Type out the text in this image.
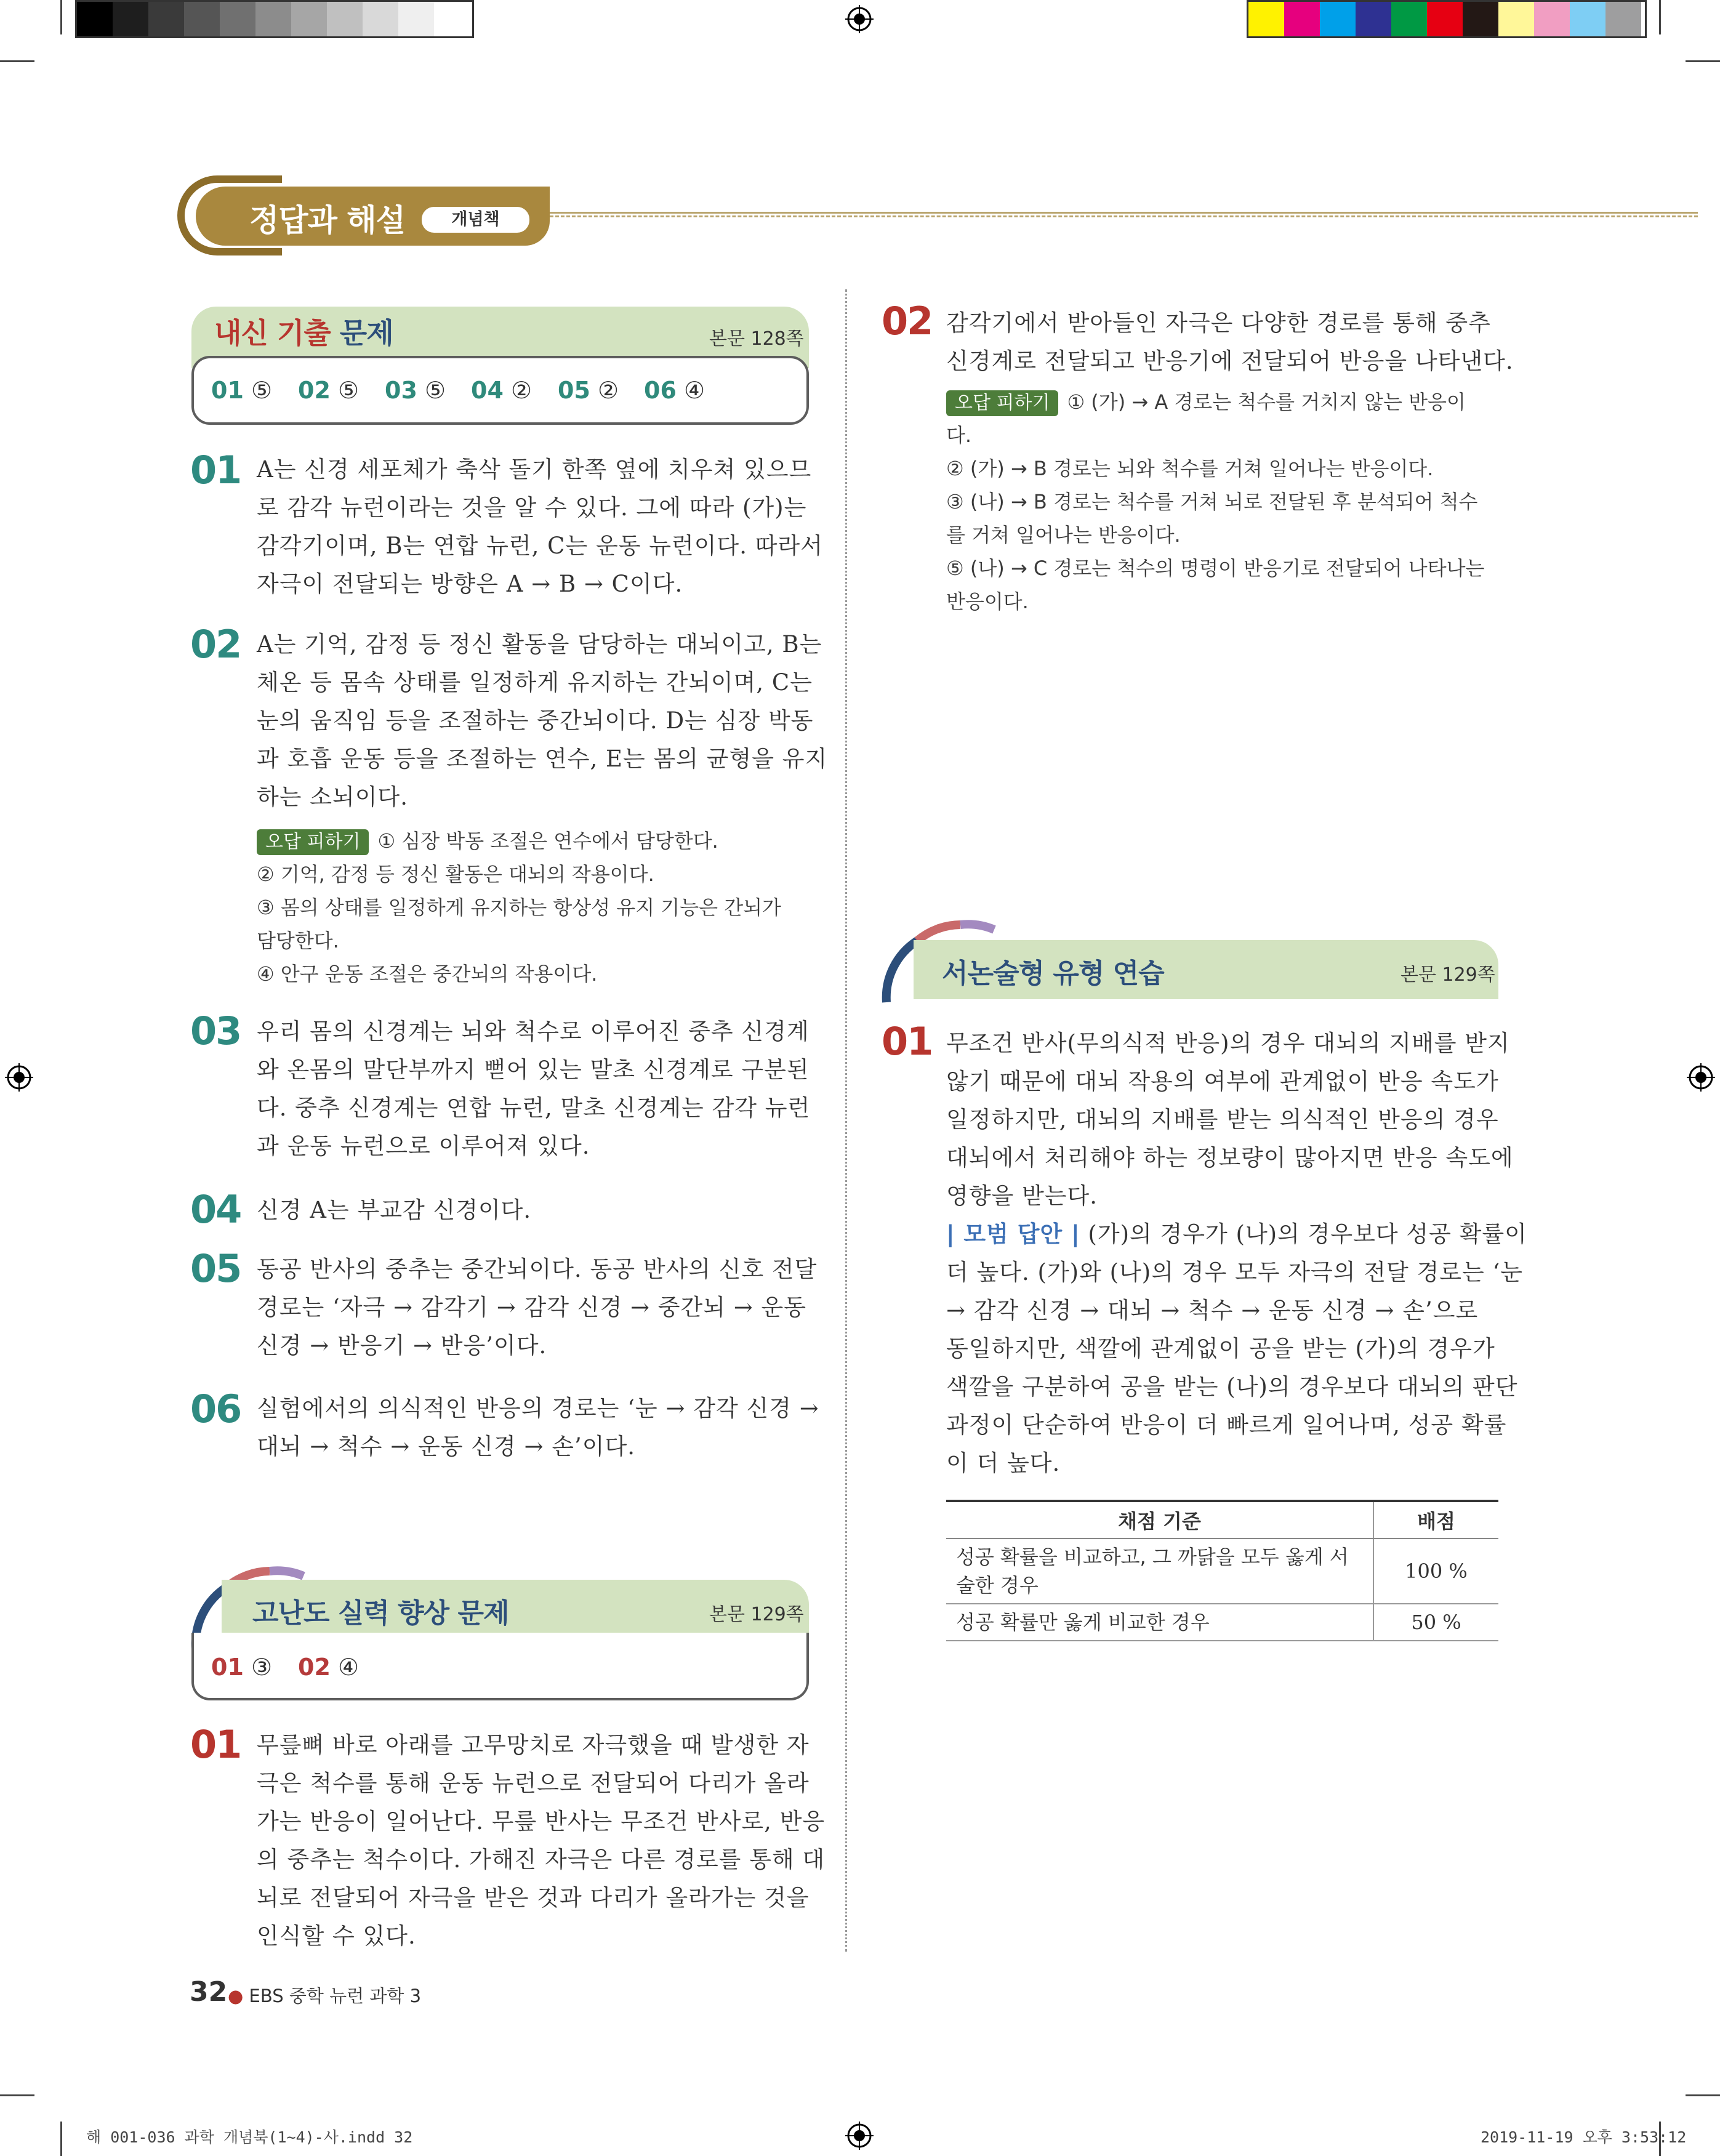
정답과 해설	개념책
내신 기출 문제	본문 128쪽
01 ⑤ 02 ⑤ 03 ⑤ 04 ② 05 ② 06 ④
01 A는 신경 세포체가 축삭 돌기 한쪽 옆에 치우쳐 있으므
로 감각 뉴런이라는 것을 알 수 있다. 그에 따라 (가)는
감각기이며, B는 연합 뉴런, C는 운동 뉴런이다. 따라서
자극이 전달되는 방향은 A → B → C이다.
02 A는 기억, 감정 등 정신 활동을 담당하는 대뇌이고, B는
체온 등 몸속 상태를 일정하게 유지하는 간뇌이며, C는
눈의 움직임 등을 조절하는 중간뇌이다. D는 심장 박동
과 호흡 운동 등을 조절하는 연수, E는 몸의 균형을 유지
하는 소뇌이다.
오답 피하기 ① 심장 박동 조절은 연수에서 담당한다.
② 기억, 감정 등 정신 활동은 대뇌의 작용이다.
③ 몸의 상태를 일정하게 유지하는 항상성 유지 기능은 간뇌가
담당한다.
④ 안구 운동 조절은 중간뇌의 작용이다.
03 우리 몸의 신경계는 뇌와 척수로 이루어진 중추 신경계
와 온몸의 말단부까지 뻗어 있는 말초 신경계로 구분된
다. 중추 신경계는 연합 뉴런, 말초 신경계는 감각 뉴런
과 운동 뉴런으로 이루어져 있다.
04 신경 A는 부교감 신경이다.
05 동공 반사의 중추는 중간뇌이다. 동공 반사의 신호 전달
경로는 ‘자극 → 감각기 → 감각 신경 → 중간뇌 → 운동
신경 → 반응기 → 반응’이다.
06 실험에서의 의식적인 반응의 경로는 ‘눈 → 감각 신경 →
대뇌 → 척수 → 운동 신경 → 손’이다.
고난도 실력 향상 문제	본문 129쪽
01 ③ 02 ④
01 무릎뼈 바로 아래를 고무망치로 자극했을 때 발생한 자
극은 척수를 통해 운동 뉴런으로 전달되어 다리가 올라
가는 반응이 일어난다. 무릎 반사는 무조건 반사로, 반응
의 중추는 척수이다. 가해진 자극은 다른 경로를 통해 대
뇌로 전달되어 자극을 받은 것과 다리가 올라가는 것을
인식할 수 있다.
02 감각기에서 받아들인 자극은 다양한 경로를 통해 중추
신경계로 전달되고 반응기에 전달되어 반응을 나타낸다.
오답 피하기 ① (가) → A 경로는 척수를 거치지 않는 반응이
다.
② (가) → B 경로는 뇌와 척수를 거쳐 일어나는 반응이다.
③ (나) → B 경로는 척수를 거쳐 뇌로 전달된 후 분석되어 척수
를 거쳐 일어나는 반응이다.
⑤ (나) → C 경로는 척수의 명령이 반응기로 전달되어 나타나는
반응이다.
서논술형 유형 연습	본문 129쪽
01 무조건 반사(무의식적 반응)의 경우 대뇌의 지배를 받지
않기 때문에 대뇌 작용의 여부에 관계없이 반응 속도가
일정하지만, 대뇌의 지배를 받는 의식적인 반응의 경우
대뇌에서 처리해야 하는 정보량이 많아지면 반응 속도에
영향을 받는다.
| 모범 답안 | (가)의 경우가 (나)의 경우보다 성공 확률이
더 높다. (가)와 (나)의 경우 모두 자극의 전달 경로는 ‘눈
→ 감각 신경 → 대뇌 → 척수 → 운동 신경 → 손’으로
동일하지만, 색깔에 관계없이 공을 받는 (가)의 경우가
색깔을 구분하여 공을 받는 (나)의 경우보다 대뇌의 판단
과정이 단순하여 반응이 더 빠르게 일어나며, 성공 확률
이 더 높다.
채점 기준	배점
성공 확률을 비교하고, 그 까닭을 모두 옳게 서술한 경우	100 %
성공 확률만 옳게 비교한 경우	50 %
32 ● EBS 중학 뉴런 과학 3
해 001-036 과학 개념북(1~4)-사.indd 32	2019-11-19 오후 3:53:12
